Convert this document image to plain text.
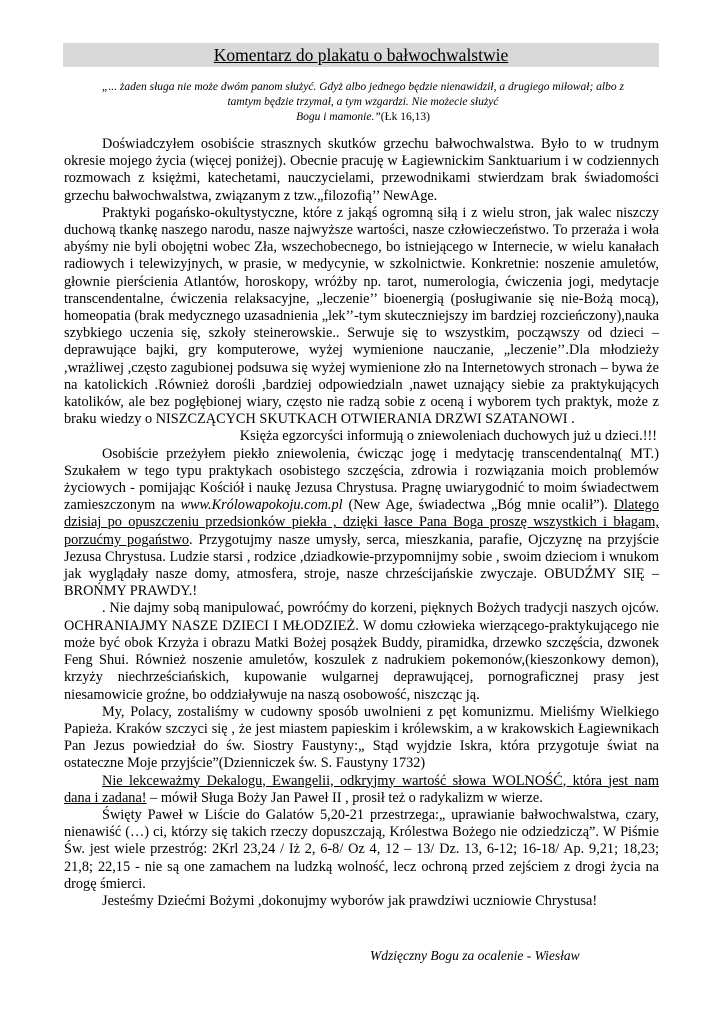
Komentarz do plakatu o bałwochwalstwie
„... żaden sługa nie może dwóm panom służyć. Gdyż albo jednego będzie nienawidził, a drugiego miłował; albo z
tamtym będzie trzymał, a tym wzgardzi. Nie możecie służyć
Bogu i mamonie.”(Łk 16,13)

Doświadczyłem osobiście strasznych skutków grzechu bałwochwalstwa. Było to w trudnym okresie mojego życia (więcej poniżej). Obecnie pracuję w Łagiewnickim Sanktuarium i w codziennych rozmowach z księżmi, katechetami, nauczycielami, przewodnikami stwierdzam brak świadomości grzechu bałwochwalstwa, związanym z tzw.„filozofią’’ NewAge.

Praktyki pogańsko-okultystyczne, które z jakąś ogromną siłą i z wielu stron, jak walec niszczy duchową tkankę naszego narodu, nasze najwyższe wartości, nasze człowieczeństwo. To przeraża i woła abyśmy nie byli obojętni wobec Zła, wszechobecnego, bo istniejącego w Internecie, w wielu kanałach radiowych i telewizyjnych, w prasie, w medycynie, w szkolnictwie. Konkretnie: noszenie amuletów, głownie pierścienia Atlantów, horoskopy, wróżby np. tarot, numerologia, ćwiczenia jogi, medytacje transcendentalne, ćwiczenia relaksacyjne, „leczenie’’ bioenergią (posługiwanie się nie-Bożą mocą), homeopatia (brak medycznego uzasadnienia „lek’’-tym skuteczniejszy im bardziej rozcieńczony),nauka szybkiego uczenia się, szkoły steinerowskie.. Serwuje się to wszystkim, począwszy od dzieci – deprawujące bajki, gry komputerowe, wyżej wymienione nauczanie, „leczenie’’.Dla młodzieży ,wrażliwej ,często zagubionej podsuwa się wyżej wymienione zło na Internetowych stronach – bywa że na katolickich .Również dorośli ,bardziej odpowiedzialn ,nawet uznający siebie za praktykujących katolików, ale bez pogłębionej wiary, często nie radzą sobie z oceną i wyborem tych praktyk, może z braku wiedzy o NISZCZĄCYCH SKUTKACH OTWIERANIA DRZWI SZATANOWI .

Księża egzorcyści informują o zniewoleniach duchowych już u dzieci.!!!

Osobiście przeżyłem piekło zniewolenia, ćwicząc jogę i medytację transcendentalną( MT.) Szukałem w tego typu praktykach osobistego szczęścia, zdrowia i rozwiązania moich problemów życiowych - pomijając Kościół i naukę Jezusa Chrystusa. Pragnę uwiarygodnić to moim świadectwem zamieszczonym na www.Królowapokoju.com.pl (New Age, świadectwa „Bóg mnie ocalił”). Dlatego dzisiaj po opuszczeniu przedsionków piekła , dzięki łasce Pana Boga proszę wszystkich i błagam, porzućmy pogaństwo. Przygotujmy nasze umysły, serca, mieszkania, parafie, Ojczyznę na przyjście Jezusa Chrystusa. Ludzie starsi , rodzice ,dziadkowie-przypomnijmy sobie , swoim dzieciom i wnukom jak wyglądały nasze domy, atmosfera, stroje, nasze chrześcijańskie zwyczaje. OBUDŹMY SIĘ – BROŃMY PRAWDY.!

. Nie dajmy sobą manipulować, powróćmy do korzeni, pięknych Bożych tradycji naszych ojców. OCHRANIAJMY NASZE DZIECI I MŁODZIEŻ. W domu człowieka wierzącego-praktykującego nie może być obok Krzyża i obrazu Matki Bożej posążek Buddy, piramidka, drzewko szczęścia, dzwonek Feng Shui. Również noszenie amuletów, koszulek z nadrukiem pokemonów,(kieszonkowy demon), krzyży niechrześciańskich, kupowanie wulgarnej deprawującej, pornograficznej prasy jest niesamowicie groźne, bo oddziaływuje na naszą osobowość, niszcząc ją.

My, Polacy, zostaliśmy w cudowny sposób uwolnieni z pęt komunizmu. Mieliśmy Wielkiego Papieża. Kraków szczyci się , że jest miastem papieskim i królewskim, a w krakowskich Łagiewnikach Pan Jezus powiedział do św. Siostry Faustyny:„ Stąd wyjdzie Iskra, która przygotuje świat na ostateczne Moje przyjście”(Dzienniczek św. S. Faustyny 1732)

Nie lekceważmy Dekalogu, Ewangelii, odkryjmy wartość słowa WOLNOŚĆ, która jest nam dana i zadana! – mówił Sługa Boży Jan Paweł II , prosił też o radykalizm w wierze.

Święty Paweł w Liście do Galatów 5,20-21 przestrzega:„ uprawianie bałwochwalstwa, czary, nienawiść (…) ci, którzy się takich rzeczy dopuszczają, Królestwa Bożego nie odziedziczą”. W Piśmie Św. jest wiele przestróg: 2Krl 23,24 / Iż 2, 6-8/ Oz 4, 12 – 13/ Dz. 13, 6-12; 16-18/ Ap. 9,21; 18,23; 21,8; 22,15 - nie są one zamachem na ludzką wolność, lecz ochroną przed zejściem z drogi życia na drogę śmierci.

Jesteśmy Dziećmi Bożymi ,dokonujmy wyborów jak prawdziwi uczniowie Chrystusa!

Wdzięczny Bogu za ocalenie - Wiesław
